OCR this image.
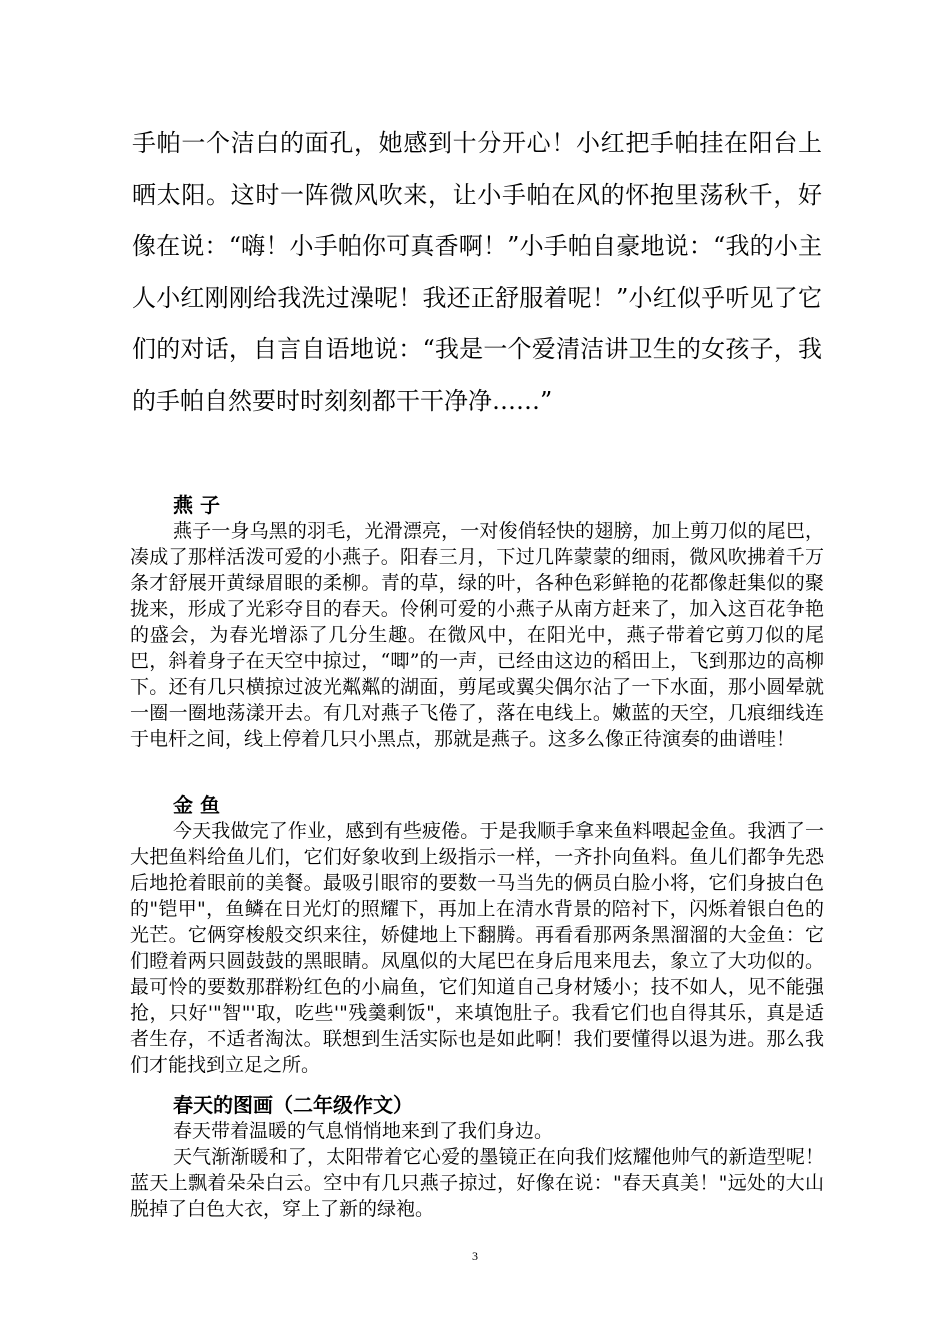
手帕一个洁白的面孔，她感到十分开心！小红把手帕挂在阳台上晒太阳。这时一阵微风吹来，让小手帕在风的怀抱里荡秋千，好像在说：“嗨！小手帕你可真香啊！”小手帕自豪地说：“我的小主人小红刚刚给我洗过澡呢！我还正舒服着呢！”小红似乎听见了它们的对话，自言自语地说：“我是一个爱清洁讲卫生的女孩子，我的手帕自然要时时刻刻都干干净净……”

燕 子

燕子一身乌黑的羽毛，光滑漂亮，一对俊俏轻快的翅膀，加上剪刀似的尾巴，凑成了那样活泼可爱的小燕子。阳春三月，下过几阵蒙蒙的细雨，微风吹拂着千万条才舒展开黄绿眉眼的柔柳。青的草，绿的叶，各种色彩鲜艳的花都像赶集似的聚拢来，形成了光彩夺目的春天。伶俐可爱的小燕子从南方赶来了，加入这百花争艳的盛会，为春光增添了几分生趣。在微风中，在阳光中，燕子带着它剪刀似的尾巴，斜着身子在天空中掠过，“唧”的一声，已经由这边的稻田上，飞到那边的高柳下。还有几只横掠过波光粼粼的湖面，剪尾或翼尖偶尔沾了一下水面，那小圆晕就一圈一圈地荡漾开去。有几对燕子飞倦了，落在电线上。嫩蓝的天空，几痕细线连于电杆之间，线上停着几只小黑点，那就是燕子。这多么像正待演奏的曲谱哇！

金 鱼

今天我做完了作业，感到有些疲倦。于是我顺手拿来鱼料喂起金鱼。我洒了一大把鱼料给鱼儿们，它们好象收到上级指示一样，一齐扑向鱼料。鱼儿们都争先恐后地抢着眼前的美餐。最吸引眼帘的要数一马当先的俩员白脸小将，它们身披白色的"铠甲"，鱼鳞在日光灯的照耀下，再加上在清水背景的陪衬下，闪烁着银白色的光芒。它俩穿梭般交织来往，娇健地上下翻腾。再看看那两条黑溜溜的大金鱼：它们瞪着两只圆鼓鼓的黑眼睛。凤凰似的大尾巴在身后甩来甩去，象立了大功似的。最可怜的要数那群粉红色的小扁鱼，它们知道自己身材矮小；技不如人，见不能强抢，只好'"智"'取，吃些'"残羹剩饭"，来填饱肚子。我看它们也自得其乐，真是适者生存，不适者淘汰。联想到生活实际也是如此啊！我们要懂得以退为进。那么我们才能找到立足之所。

春天的图画（二年级作文）

春天带着温暖的气息悄悄地来到了我们身边。

天气渐渐暖和了，太阳带着它心爱的墨镜正在向我们炫耀他帅气的新造型呢！蓝天上飘着朵朵白云。空中有几只燕子掠过，好像在说："春天真美！"远处的大山脱掉了白色大衣，穿上了新的绿袍。

3
